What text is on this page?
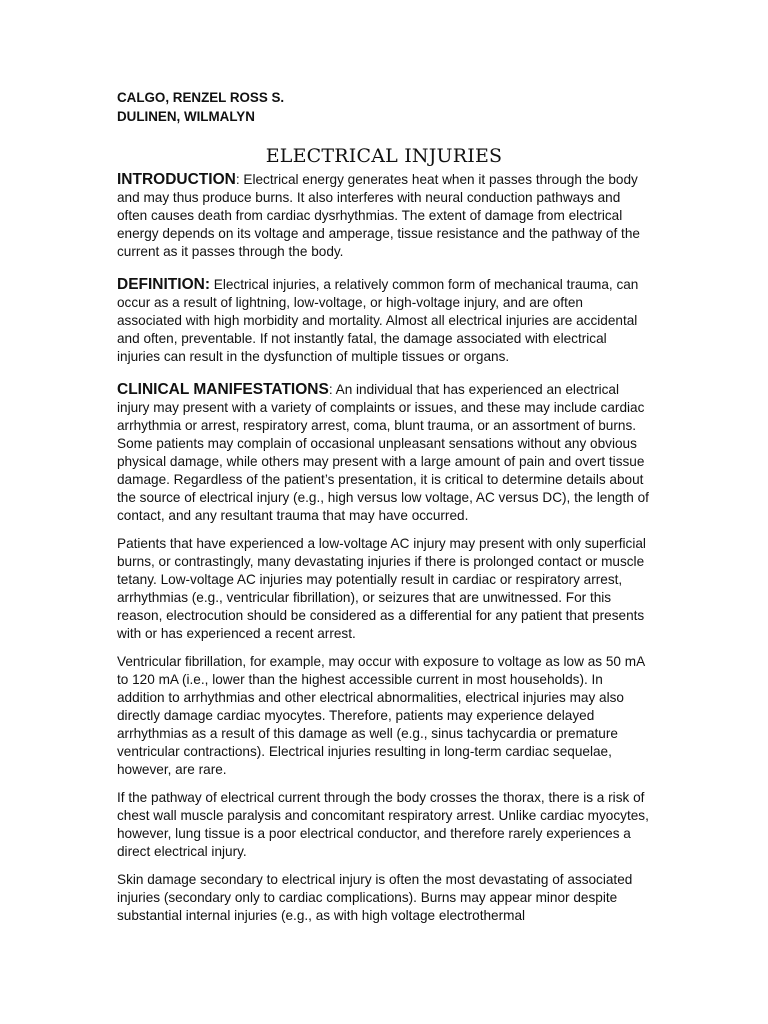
CALGO, RENZEL ROSS S.
DULINEN, WILMALYN
ELECTRICAL INJURIES

INTRODUCTION: Electrical energy generates heat when it passes through the body and may thus produce burns. It also interferes with neural conduction pathways and often causes death from cardiac dysrhythmias. The extent of damage from electrical energy depends on its voltage and amperage, tissue resistance and the pathway of the current as it passes through the body.

DEFINITION: Electrical injuries, a relatively common form of mechanical trauma, can occur as a result of lightning, low-voltage, or high-voltage injury, and are often associated with high morbidity and mortality. Almost all electrical injuries are accidental and often, preventable. If not instantly fatal, the damage associated with electrical injuries can result in the dysfunction of multiple tissues or organs.

CLINICAL MANIFESTATIONS: An individual that has experienced an electrical injury may present with a variety of complaints or issues, and these may include cardiac arrhythmia or arrest, respiratory arrest, coma, blunt trauma, or an assortment of burns. Some patients may complain of occasional unpleasant sensations without any obvious physical damage, while others may present with a large amount of pain and overt tissue damage. Regardless of the patient’s presentation, it is critical to determine details about the source of electrical injury (e.g., high versus low voltage, AC versus DC), the length of contact, and any resultant trauma that may have occurred.

Patients that have experienced a low-voltage AC injury may present with only superficial burns, or contrastingly, many devastating injuries if there is prolonged contact or muscle tetany. Low-voltage AC injuries may potentially result in cardiac or respiratory arrest, arrhythmias (e.g., ventricular fibrillation), or seizures that are unwitnessed. For this reason, electrocution should be considered as a differential for any patient that presents with or has experienced a recent arrest.

Ventricular fibrillation, for example, may occur with exposure to voltage as low as 50 mA to 120 mA (i.e., lower than the highest accessible current in most households). In addition to arrhythmias and other electrical abnormalities, electrical injuries may also directly damage cardiac myocytes. Therefore, patients may experience delayed arrhythmias as a result of this damage as well (e.g., sinus tachycardia or premature ventricular contractions). Electrical injuries resulting in long-term cardiac sequelae, however, are rare.

If the pathway of electrical current through the body crosses the thorax, there is a risk of chest wall muscle paralysis and concomitant respiratory arrest. Unlike cardiac myocytes, however, lung tissue is a poor electrical conductor, and therefore rarely experiences a direct electrical injury.

Skin damage secondary to electrical injury is often the most devastating of associated injuries (secondary only to cardiac complications). Burns may appear minor despite substantial internal injuries (e.g., as with high voltage electrothermal
